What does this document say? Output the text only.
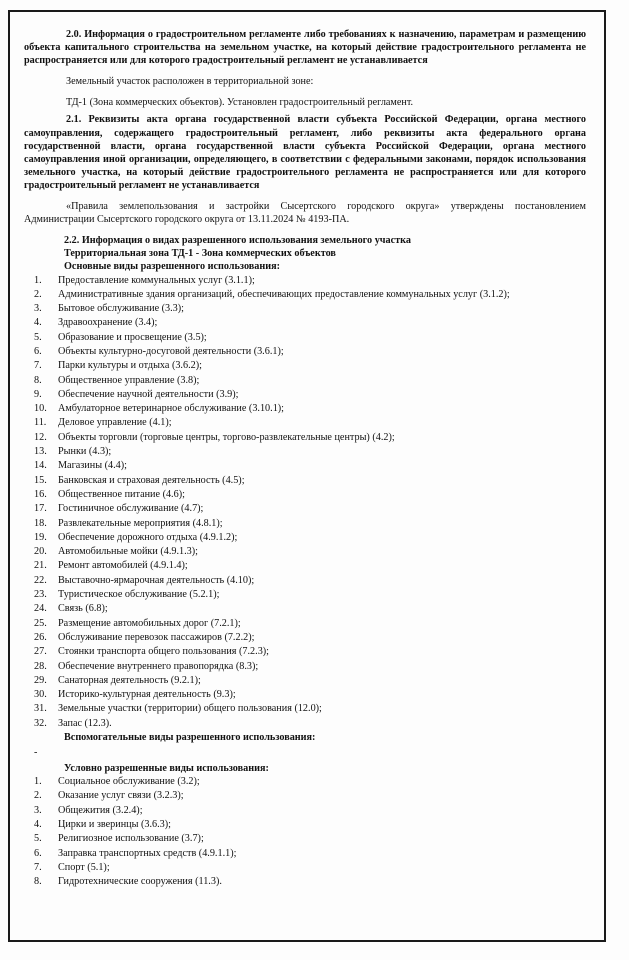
2.0. Информация о градостроительном регламенте либо требованиях к назначению, параметрам и размещению объекта капитального строительства на земельном участке, на который действие градостроительного регламента не распространяется или для которого градостроительный регламент не устанавливается

Земельный участок расположен в территориальной зоне:

ТД-1 (Зона коммерческих объектов). Установлен градостроительный регламент.

2.1. Реквизиты акта органа государственной власти субъекта Российской Федерации, органа местного самоуправления, содержащего градостроительный регламент, либо реквизиты акта федерального органа государственной власти, органа государственной власти субъекта Российской Федерации, органа местного самоуправления иной организации, определяющего, в соответствии с федеральными законами, порядок использования земельного участка, на который действие градостроительного регламента не распространяется или для которого градостроительный регламент не устанавливается

«Правила землепользования и застройки Сысертского городского округа» утверждены постановлением Администрации Сысертского городского округа от 13.11.2024 № 4193-ПА.

2.2. Информация о видах разрешенного использования земельного участка

Территориальная зона ТД-1 - Зона коммерческих объектов

Основные виды разрешенного использования:

1.	Предоставление коммунальных услуг (3.1.1);
2.	Административные здания организаций, обеспечивающих предоставление коммунальных услуг (3.1.2);
3.	Бытовое обслуживание (3.3);
4.	Здравоохранение (3.4);
5.	Образование и просвещение (3.5);
6.	Объекты культурно-досуговой деятельности (3.6.1);
7.	Парки культуры и отдыха (3.6.2);
8.	Общественное управление (3.8);
9.	Обеспечение научной деятельности (3.9);
10.	Амбулаторное ветеринарное обслуживание (3.10.1);
11.	Деловое управление (4.1);
12.	Объекты торговли (торговые центры, торгово-развлекательные центры) (4.2);
13.	Рынки (4.3);
14.	Магазины (4.4);
15.	Банковская и страховая деятельность (4.5);
16.	Общественное питание (4.6);
17.	Гостиничное обслуживание (4.7);
18.	Развлекательные мероприятия (4.8.1);
19.	Обеспечение дорожного отдыха (4.9.1.2);
20.	Автомобильные мойки (4.9.1.3);
21.	Ремонт автомобилей (4.9.1.4);
22.	Выставочно-ярмарочная деятельность (4.10);
23.	Туристическое обслуживание (5.2.1);
24.	Связь (6.8);
25.	Размещение автомобильных дорог (7.2.1);
26.	Обслуживание перевозок пассажиров (7.2.2);
27.	Стоянки транспорта общего пользования (7.2.3);
28.	Обеспечение внутреннего правопорядка (8.3);
29.	Санаторная деятельность (9.2.1);
30.	Историко-культурная деятельность (9.3);
31.	Земельные участки (территории) общего пользования (12.0);
32.	Запас (12.3).

Вспомогательные виды разрешенного использования:

-

Условно разрешенные виды использования:

1.	Социальное обслуживание (3.2);
2.	Оказание услуг связи (3.2.3);
3.	Общежития (3.2.4);
4.	Цирки и зверинцы (3.6.3);
5.	Религиозное использование (3.7);
6.	Заправка транспортных средств (4.9.1.1);
7.	Спорт (5.1);
8.	Гидротехнические сооружения (11.3).
